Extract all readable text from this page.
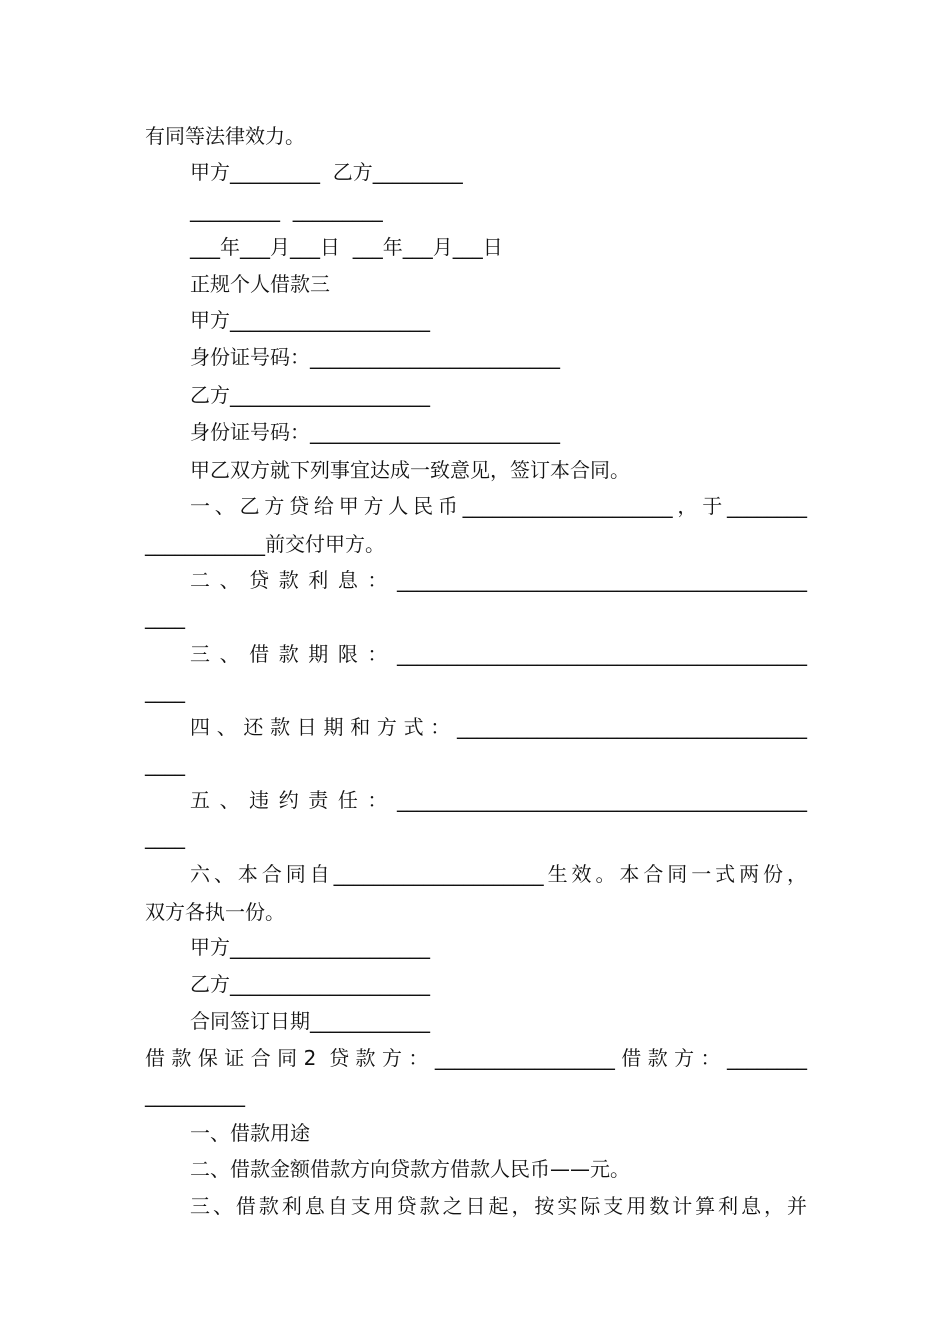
有同等法律效力。
甲方_________  乙方_________
_________  _________
___年___月___日  ___年___月___日
正规个人借款三
甲方____________________
身份证号码：_________________________
乙方____________________
身份证号码：_________________________
甲乙双方就下列事宜达成一致意见，签订本合同。
一、乙方贷给甲方人民币_____________________，于________
____________前交付甲方。
二、贷款利息：_________________________________________
____
三、借款期限：_________________________________________
____
四、还款日期和方式：___________________________________
____
五、违约责任：_________________________________________
____
六、本合同自_____________________生效。本合同一式两份，
双方各执一份。
甲方____________________
乙方____________________
合同签订日期____________
借款保证合同2 贷款方：__________________借款方：________
__________
一、借款用途
二、借款金额借款方向贷款方借款人民币——元。
三、借款利息自支用贷款之日起，按实际支用数计算利息，并
